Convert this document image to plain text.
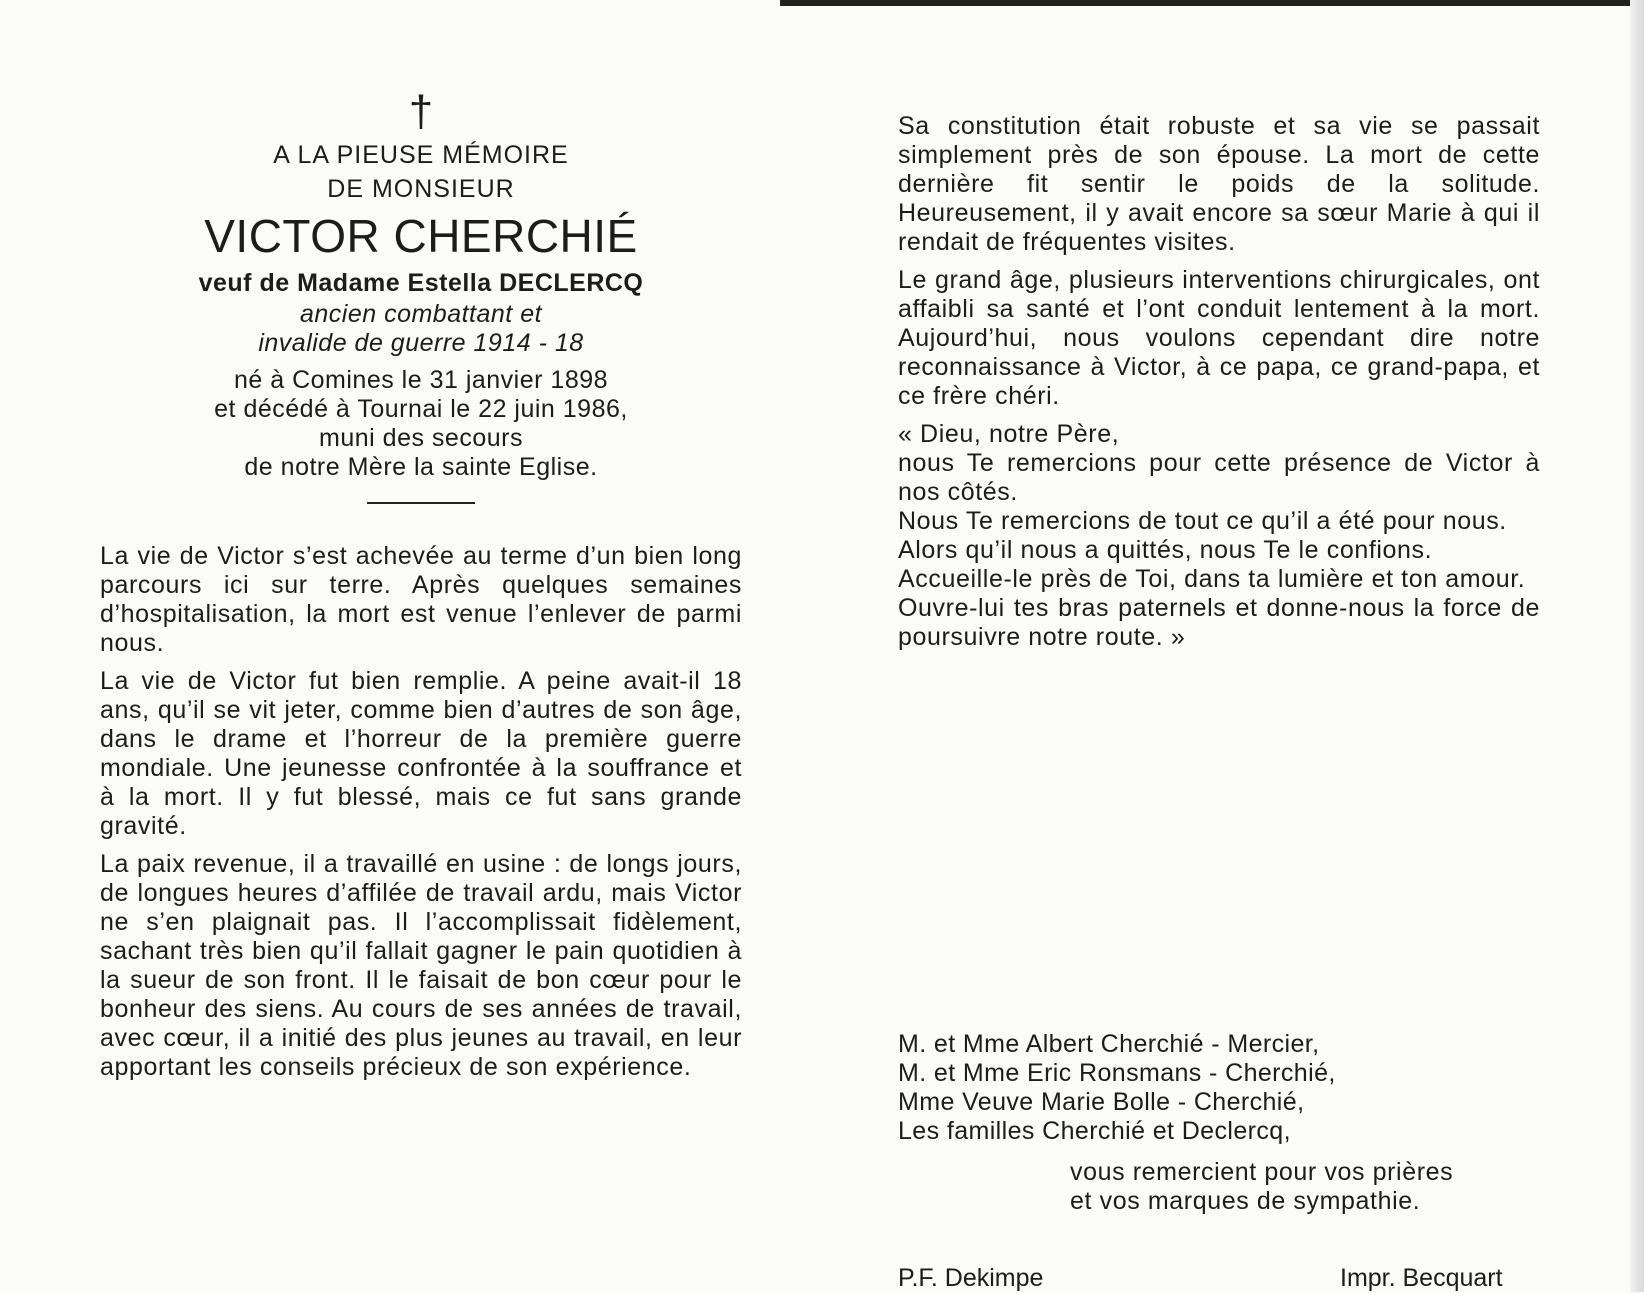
†
A LA PIEUSE MÉMOIRE
DE MONSIEUR
VICTOR CHERCHIÉ
veuf de Madame Estella DECLERCQ
ancien combattant et
invalide de guerre 1914 - 18
né à Comines le 31 janvier 1898
et décédé à Tournai le 22 juin 1986,
muni des secours
de notre Mère la sainte Eglise.

La vie de Victor s’est achevée au terme d’un bien long parcours ici sur terre. Après quelques semaines d’hospitalisation, la mort est venue l’enlever de parmi nous.

La vie de Victor fut bien remplie. A peine avait-il 18 ans, qu’il se vit jeter, comme bien d’autres de son âge, dans le drame et l’horreur de la première guerre mondiale. Une jeunesse confrontée à la souffrance et à la mort. Il y fut blessé, mais ce fut sans grande gravité.

La paix revenue, il a travaillé en usine : de longs jours, de longues heures d’affilée de travail ardu, mais Victor ne s’en plaignait pas. Il l’accomplissait fidèlement, sachant très bien qu’il fallait gagner le pain quotidien à la sueur de son front. Il le faisait de bon cœur pour le bonheur des siens. Au cours de ses années de travail, avec cœur, il a initié des plus jeunes au travail, en leur apportant les conseils précieux de son expérience.

Sa constitution était robuste et sa vie se passait simplement près de son épouse. La mort de cette dernière fit sentir le poids de la solitude. Heureusement, il y avait encore sa sœur Marie à qui il rendait de fréquentes visites.

Le grand âge, plusieurs interventions chirurgicales, ont affaibli sa santé et l’ont conduit lentement à la mort. Aujourd’hui, nous voulons cependant dire notre reconnaissance à Victor, à ce papa, ce grand-papa, et ce frère chéri.

« Dieu, notre Père,

nous Te remercions pour cette présence de Victor à nos côtés.

Nous Te remercions de tout ce qu’il a été pour nous.

Alors qu’il nous a quittés, nous Te le confions.

Accueille-le près de Toi, dans ta lumière et ton amour.

Ouvre-lui tes bras paternels et donne-nous la force de poursuivre notre route. »

M. et Mme Albert Cherchié - Mercier,
M. et Mme Eric Ronsmans - Cherchié,
Mme Veuve Marie Bolle - Cherchié,
Les familles Cherchié et Declercq,
vous remercient pour vos prières
et vos marques de sympathie.
P.F. Dekimpe	Impr. Becquart
